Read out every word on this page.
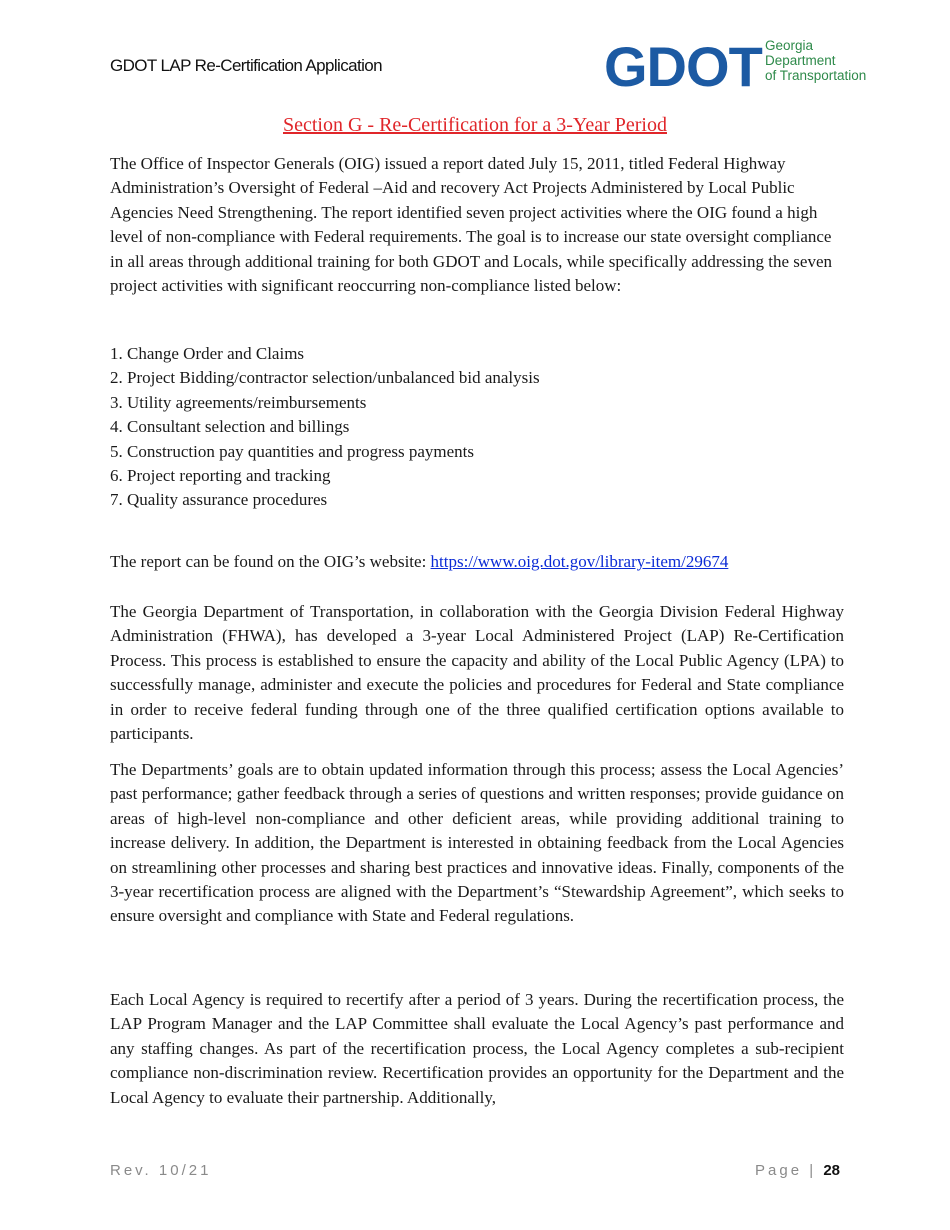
GDOT LAP Re-Certification Application	GDOT Georgia
Department
of Transportation
Section G - Re-Certification for a 3-Year Period
The Office of Inspector Generals (OIG) issued a report dated July 15, 2011, titled Federal Highway Administration’s Oversight of Federal –Aid and recovery Act Projects Administered by Local Public Agencies Need Strengthening. The report identified seven project activities where the OIG found a high level of non-compliance with Federal requirements. The goal is to increase our state oversight compliance in all areas through additional training for both GDOT and Locals, while specifically addressing the seven project activities with significant reoccurring non-compliance listed below:
1. Change Order and Claims
2. Project Bidding/contractor selection/unbalanced bid analysis
3. Utility agreements/reimbursements
4. Consultant selection and billings
5. Construction pay quantities and progress payments
6. Project reporting and tracking
7. Quality assurance procedures
The report can be found on the OIG’s website: https://www.oig.dot.gov/library-item/29674
The Georgia Department of Transportation, in collaboration with the Georgia Division Federal Highway Administration (FHWA), has developed a 3-year Local Administered Project (LAP) Re-Certification Process. This process is established to ensure the capacity and ability of the Local Public Agency (LPA) to successfully manage, administer and execute the policies and procedures for Federal and State compliance in order to receive federal funding through one of the three qualified certification options available to participants.
The Departments’ goals are to obtain updated information through this process; assess the Local Agencies’ past performance; gather feedback through a series of questions and written responses; provide guidance on areas of high-level non-compliance and other deficient areas, while providing additional training to increase delivery. In addition, the Department is interested in obtaining feedback from the Local Agencies on streamlining other processes and sharing best practices and innovative ideas. Finally, components of the 3-year recertification process are aligned with the Department’s “Stewardship Agreement”, which seeks to ensure oversight and compliance with State and Federal regulations.
Each Local Agency is required to recertify after a period of 3 years. During the recertification process, the LAP Program Manager and the LAP Committee shall evaluate the Local Agency’s past performance and any staffing changes. As part of the recertification process, the Local Agency completes a sub-recipient compliance non-discrimination review. Recertification provides an opportunity for the Department and the Local Agency to evaluate their partnership. Additionally,
Rev. 10/21	Page | 28
